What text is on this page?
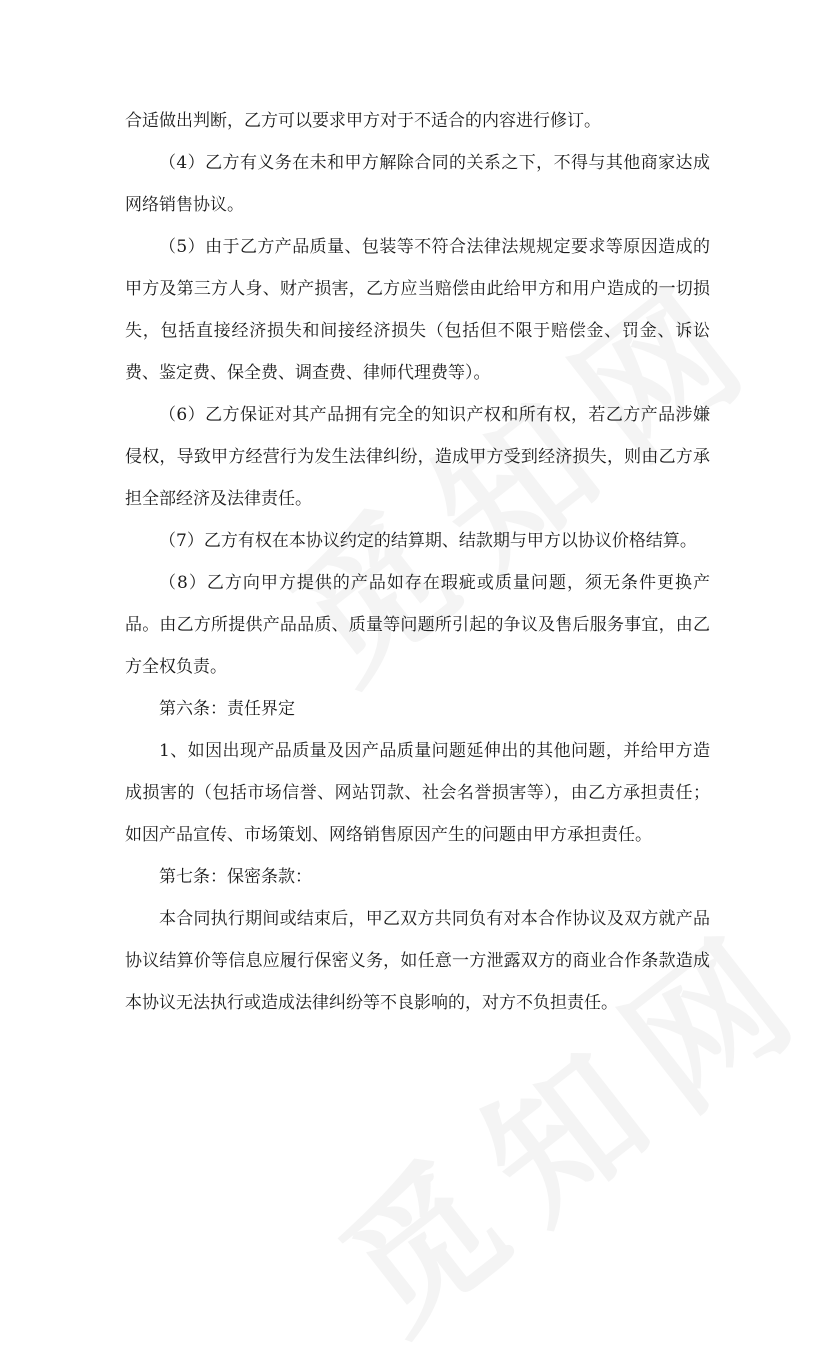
合适做出判断，乙方可以要求甲方对于不适合的内容进行修订。

（4）乙方有义务在未和甲方解除合同的关系之下，不得与其他商家达成网络销售协议。

（5）由于乙方产品质量、包装等不符合法律法规规定要求等原因造成的甲方及第三方人身、财产损害，乙方应当赔偿由此给甲方和用户造成的一切损失，包括直接经济损失和间接经济损失（包括但不限于赔偿金、罚金、诉讼费、鉴定费、保全费、调查费、律师代理费等）。

（6）乙方保证对其产品拥有完全的知识产权和所有权，若乙方产品涉嫌侵权，导致甲方经营行为发生法律纠纷，造成甲方受到经济损失，则由乙方承担全部经济及法律责任。

（7）乙方有权在本协议约定的结算期、结款期与甲方以协议价格结算。

（8）乙方向甲方提供的产品如存在瑕疵或质量问题，须无条件更换产品。由乙方所提供产品品质、质量等问题所引起的争议及售后服务事宜，由乙方全权负责。

第六条：责任界定

1、如因出现产品质量及因产品质量问题延伸出的其他问题，并给甲方造成损害的（包括市场信誉、网站罚款、社会名誉损害等），由乙方承担责任；如因产品宣传、市场策划、网络销售原因产生的问题由甲方承担责任。

第七条：保密条款：

本合同执行期间或结束后，甲乙双方共同负有对本合作协议及双方就产品协议结算价等信息应履行保密义务，如任意一方泄露双方的商业合作条款造成本协议无法执行或造成法律纠纷等不良影响的，对方不负担责任。
